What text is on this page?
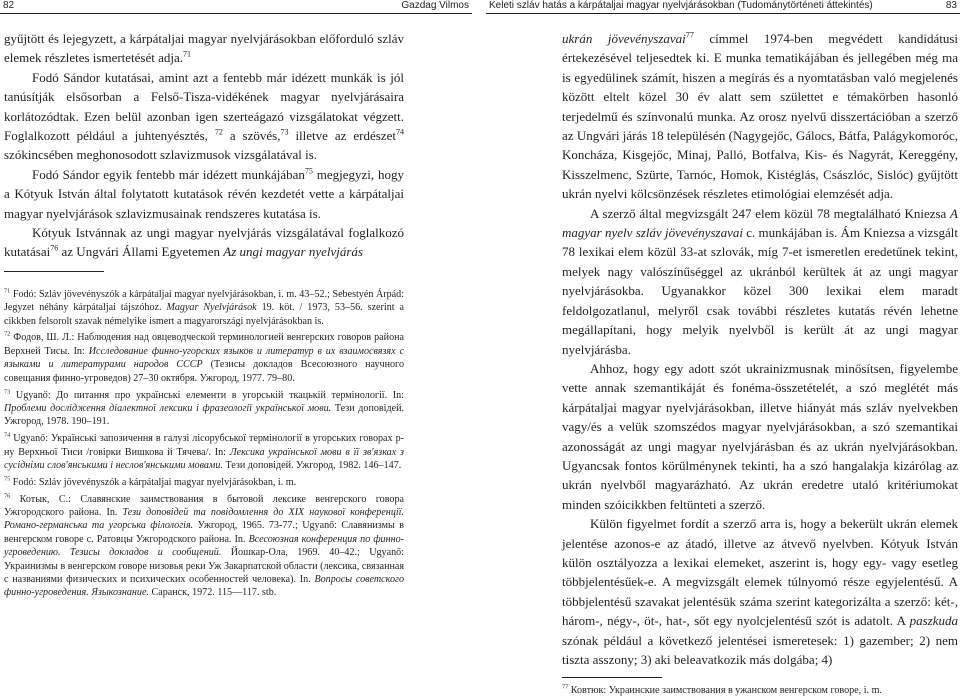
82	Gazdag Vilmos

gyűjtött és lejegyzett, a kárpátaljai magyar nyelvjárásokban előforduló szláv elemek részletes ismertetését adja.$^{71}$

Fodó Sándor kutatásai, amint azt a fentebb már idézett munkák is jól tanúsítják elsősorban a Felső-Tisza-vidékének magyar nyelvjárásaira korlátozódtak. Ezen belül azonban igen szerteágazó vizsgálatokat végzett. Foglalkozott például a juhtenyésztés, $^{72}$ a szövés,$^{73}$ illetve az erdészet$^{74}$ szókincsében meghonosodott szlavizmusok vizsgálatával is.

Fodó Sándor egyik fentebb már idézett munkájában$^{75}$ megjegyzi, hogy a Kótyuk István által folytatott kutatások révén kezdetét vette a kárpátaljai magyar nyelvjárások szlavizmusainak rendszeres kutatása is.

Kótyuk Istvánnak az ungi magyar nyelvjárás vizsgálatával foglalkozó kutatásai$^{76}$ az Ungvári Állami Egyetemen Az ungi magyar nyelvjárás

$^{71}$ Fodó: Szláv jövevényszók a kárpátaljai magyar nyelvjárásokban, i. m. 43–52.; Sebestyén Árpád: Jegyzet néhány kárpátaljai tájszóhoz. Magyar Nyelvjárások 19. köt. / 1973, 53–56. szerint a cikkben felsorolt szavak némelyike ismert a magyarországi nyelvjárásokban is.

$^{72}$ Фодов, Ш. Л.: Наблюдения над овцеводческой терминологией венгерских говоров района Верхней Тисы. In: Исследование финно-угорских языков и литератур в их взаимосвязях с языками и литературами народов СССР (Тезисы докладов Всесоюзного научного совещания финно-угроведов) 27–30 октября. Ужгород, 1977. 79–80.

$^{73}$ Ugyanő: До питання про українські елементи в угорській ткацькій термінології. In: Проблеми дослідження діалектної лексики і фразеології української мови. Тези доповідей. Ужгород, 1978. 190–191.

$^{74}$ Ugyanő: Українські запозичення в галузі лісорубської термінології в угорських говорах р-ну Верхньої Тиси /говірки Вишкова й Тячева/. In: Лексика української мови в її зв'язках з сусідніми слов'янськими і неслов'янськими мовами. Тези доповідей. Ужгород, 1982. 146–147.

$^{75}$ Fodó: Szláv jövevényszók a kárpátaljai magyar nyelvjárásokban, i. m.

$^{76}$ Котык, С.: Славянские заимствования в бытовой лексике венгерского говора Ужгородского района. In. Тези доповідей та повідомлення до XIX наукової конференції. Романо-германська та угорська філологія. Ужгород, 1965. 73-77.; Ugyanő: Славянизмы в венгерском говоре с. Ратовцы Ужгородского района. In. Всесоюзная конференция по финно-угроведению. Тезисы докладов и сообщений. Йошкар-Ола, 1969. 40–42.; Ugyanő: Украинизмы в венгерском говоре низовья реки Уж Закарпатской области (лексика, связанная с названиями физических и психических особенностей человека). In. Вопросы советского финно-угроведения. Языкознание. Саранск, 1972. 115—117. stb.

Keleti szláv hatás a kárpátaljai magyar nyelvjárásokban (Tudománytörténeti áttekintés)	83

ukrán jövevényszavai$^{77}$ címmel 1974-ben megvédett kandidátusi értekezésével teljesedtek ki. E munka tematikájában és jellegében még ma is egyedülinek számít, hiszen a megírás és a nyomtatásban való megjelenés között eltelt közel 30 év alatt sem születtet e témakörben hasonló terjedelmű és színvonalú munka. Az orosz nyelvű disszertációban a szerző az Ungvári járás 18 településén (Nagygejőc, Gálocs, Bátfa, Palágykomoróc, Koncháza, Kisgejőc, Minaj, Palló, Botfalva, Kis- és Nagyrát, Kereggény, Kisszelmenc, Szürte, Tarnóc, Homok, Kistéglás, Császlóc, Sislóc) gyűjtött ukrán nyelvi kölcsönzések részletes etimológiai elemzését adja.

A szerző által megvizsgált 247 elem közül 78 megtalálható Kniezsa A magyar nyelv szláv jövevényszavai c. munkájában is. Ám Kniezsa a vizsgált 78 lexikai elem közül 33-at szlovák, míg 7-et ismeretlen eredetűnek tekint, melyek nagy valószínűséggel az ukránból kerültek át az ungi magyar nyelvjárásokba. Ugyanakkor közel 300 lexikai elem maradt feldolgozatlanul, melyről csak további részletes kutatás révén lehetne megállapítani, hogy melyik nyelvből is került át az ungi magyar nyelvjárásba.

Ahhoz, hogy egy adott szót ukrainizmusnak minősítsen, figyelembe vette annak szemantikáját és fonéma-összetételét, a szó meglétét más kárpátaljai magyar nyelvjárásokban, illetve hiányát más szláv nyelvekben vagy/és a velük szomszédos magyar nyelvjárásokban, a szó szemantikai azonosságát az ungi magyar nyelvjárásban és az ukrán nyelvjárásokban. Ugyancsak fontos körülménynek tekinti, ha a szó hangalakja kizárólag az ukrán nyelvből magyarázható. Az ukrán eredetre utaló kritériumokat minden szóicikkben feltünteti a szerző.

Külön figyelmet fordít a szerző arra is, hogy a bekerült ukrán elemek jelentése azonos-e az átadó, illetve az átvevő nyelvben. Kótyuk István külön osztályozza a lexikai elemeket, aszerint is, hogy egy- vagy esetleg többjelentésűek-e. A megvizsgált elemek túlnyomó része egyjelentésű. A többjelentésű szavakat jelentésük száma szerint kategorizálta a szerző: két-, három-, négy-, öt-, hat-, sőt egy nyolcjelentésű szót is adatolt. A paszkuda szónak például a következő jelentései ismeretesek: 1) gazember; 2) nem tiszta asszony; 3) aki beleavatkozik más dolgába; 4)

$^{77}$ Ковтюк: Украинские заимствования в ужанском венгерском говоре, i. m.
